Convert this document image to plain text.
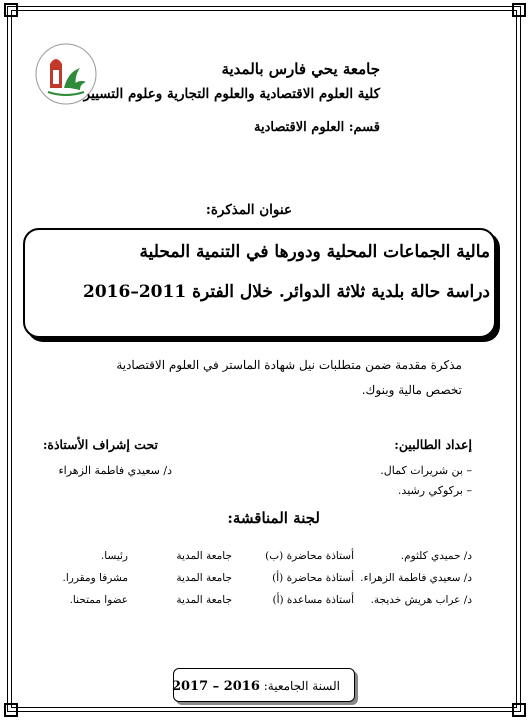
جامعة يحي فارس بالمدية
كلية العلوم الاقتصادية والعلوم التجارية وعلوم التسيير
قسم: العلوم الاقتصادية
عنوان المذكرة:
مالية الجماعات المحلية ودورها في التنمية المحلية
دراسة حالة بلدية ثلاثة الدوائر. خلال الفترة 2011–2016
مذكرة مقدمة ضمن متطلبات نيل شهادة الماستر في العلوم الاقتصادية
تخصص مالية وبنوك.
إعداد الطالبين:
تحت إشراف الأستاذة:
– بن شريرات كمال.
– بركوكي رشيد.
د/ سعيدي فاطمة الزهراء
لجنة المناقشة:
د/ حميدي كلثوم.
أستاذة محاضرة (ب)
جامعة المدية
رئيسا.
د/ سعيدي فاطمة الزهراء.
أستاذة محاضرة (أ)
جامعة المدية
مشرفا ومقررا.
د/ عراب هريش خديجة.
أستاذة مساعدة (أ)
جامعة المدية
عضوا ممتحنا.
السنة الجامعية: 2016 – 2017
